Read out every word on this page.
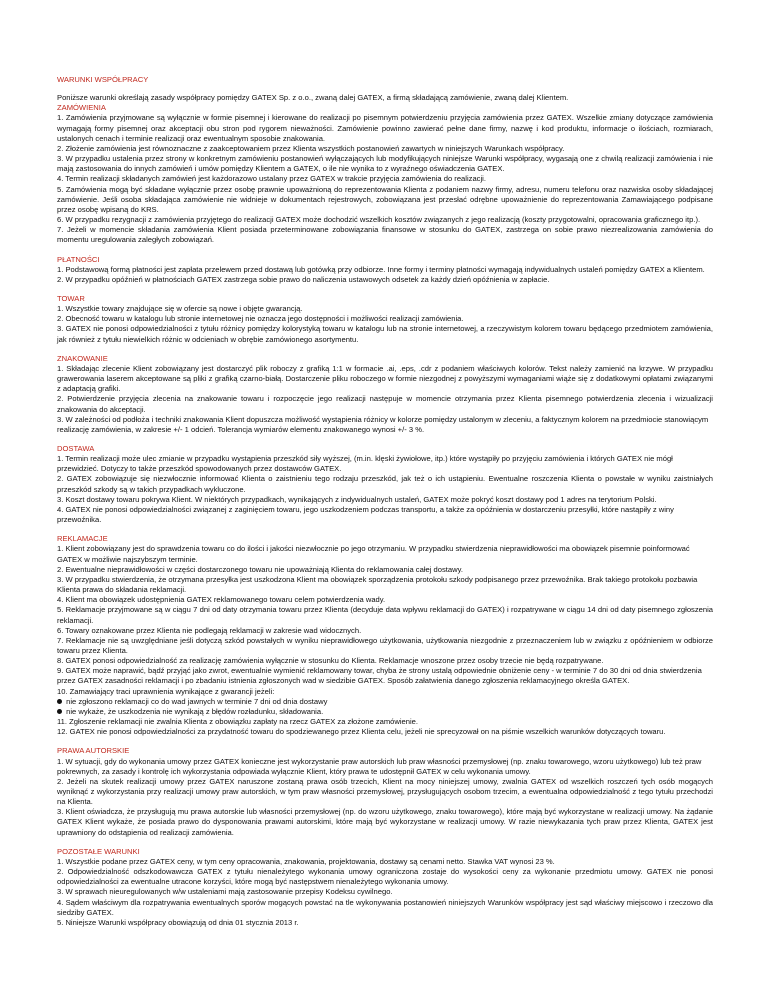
WARUNKI WSPÓŁPRACY

Poniższe warunki określają zasady współpracy pomiędzy GATEX Sp. z o.o., zwaną dalej GATEX, a firmą składającą zamówienie, zwaną dalej Klientem.

ZAMÓWIENIA

1. Zamówienia przyjmowane są wyłącznie w formie pisemnej i kierowane do realizacji po pisemnym potwierdzeniu przyjęcia zamówienia przez GATEX. Wszelkie zmiany dotyczące zamówienia wymagają formy pisemnej oraz akceptacji obu stron pod rygorem nieważności. Zamówienie powinno zawierać pełne dane firmy, nazwę i kod produktu, informacje o ilościach, rozmiarach, ustalonych cenach i terminie realizacji oraz ewentualnym sposobie znakowania.

2. Złożenie zamówienia jest równoznaczne z zaakceptowaniem przez Klienta wszystkich postanowień zawartych w niniejszych Warunkach współpracy.

3. W przypadku ustalenia przez strony w konkretnym zamówieniu postanowień wyłączających lub modyfikujących niniejsze Warunki współpracy, wygasają one z chwilą realizacji zamówienia i nie mają zastosowania do innych zamówień i umów pomiędzy Klientem a GATEX, o ile nie wynika to z wyraźnego oświadczenia GATEX.

4. Termin realizacji składanych zamówień jest każdorazowo ustalany przez GATEX w trakcie przyjęcia zamówienia do realizacji.

5. Zamówienia mogą być składane wyłącznie przez osobę prawnie upoważnioną do reprezentowania Klienta z podaniem nazwy firmy, adresu, numeru telefonu oraz nazwiska osoby składającej zamówienie. Jeśli osoba składająca zamówienie nie widnieje w dokumentach rejestrowych, zobowiązana jest przesłać odrębne upoważnienie do reprezentowania Zamawiającego podpisane przez osobę wpisaną do KRS.

6. W przypadku rezygnacji z zamówienia przyjętego do realizacji GATEX może dochodzić wszelkich kosztów związanych z jego realizacją (koszty przygotowalni, opracowania graficznego itp.).

7. Jeżeli w momencie składania zamówienia Klient posiada przeterminowane zobowiązania finansowe w stosunku do GATEX, zastrzega on sobie prawo niezrealizowania zamówienia do momentu uregulowania zaległych zobowiązań.

PŁATNOŚCI

1. Podstawową formą płatności jest zapłata przelewem przed dostawą lub gotówką przy odbiorze. Inne formy i terminy płatności wymagają indywidualnych ustaleń pomiędzy GATEX a Klientem.

2. W przypadku opóźnień w płatnościach GATEX zastrzega sobie prawo do naliczenia ustawowych odsetek za każdy dzień opóźnienia w zapłacie.

TOWAR

1. Wszystkie towary znajdujące się w ofercie są nowe i objęte gwarancją.

2. Obecność towaru w katalogu lub stronie internetowej nie oznacza jego dostępności i możliwości realizacji zamówienia.

3. GATEX nie ponosi odpowiedzialności z tytułu różnicy pomiędzy kolorystyką towaru w katalogu lub na stronie internetowej, a rzeczywistym kolorem towaru będącego przedmiotem zamówienia, jak również z tytułu niewielkich różnic w odcieniach w obrębie zamówionego asortymentu.

ZNAKOWANIE

1. Składając zlecenie Klient zobowiązany jest dostarczyć plik roboczy z grafiką 1:1 w formacie .ai, .eps, .cdr z podaniem właściwych kolorów. Tekst należy zamienić na krzywe. W przypadku grawerowania laserem akceptowane są pliki z grafiką czarno-białą. Dostarczenie pliku roboczego w formie niezgodnej z powyższymi wymaganiami wiąże się z dodatkowymi opłatami związanymi z adaptacją grafiki.

2. Potwierdzenie przyjęcia zlecenia na znakowanie towaru i rozpoczęcie jego realizacji następuje w momencie otrzymania przez Klienta pisemnego potwierdzenia zlecenia i wizualizacji znakowania do akceptacji.

3. W zależności od podłoża i techniki znakowania Klient dopuszcza możliwość wystąpienia różnicy w kolorze pomiędzy ustalonym w zleceniu, a faktycznym kolorem na przedmiocie stanowiącym realizację zamówienia, w zakresie +/- 1 odcień. Tolerancja wymiarów elementu znakowanego wynosi +/- 3 %.

DOSTAWA

1. Termin realizacji może ulec zmianie w przypadku wystąpienia przeszkód siły wyższej, (m.in. klęski żywiołowe, itp.) które wystąpiły po przyjęciu zamówienia i których GATEX nie mógł przewidzieć. Dotyczy to także przeszkód spowodowanych przez dostawców GATEX.

2. GATEX zobowiązuje się niezwłocznie informować Klienta o zaistnieniu tego rodzaju przeszkód, jak też o ich ustąpieniu. Ewentualne roszczenia Klienta o powstałe w wyniku zaistniałych przeszkód szkody są w takich przypadkach wykluczone.

3. Koszt dostawy towaru pokrywa Klient. W niektórych przypadkach, wynikających z indywidualnych ustaleń, GATEX może pokryć koszt dostawy pod 1 adres na terytorium Polski.

4. GATEX nie ponosi odpowiedzialności związanej z zaginięciem towaru, jego uszkodzeniem podczas transportu, a także za opóźnienia w dostarczeniu przesyłki, które nastąpiły z winy przewoźnika.

REKLAMACJE

1. Klient zobowiązany jest do sprawdzenia towaru co do ilości i jakości niezwłocznie po jego otrzymaniu. W przypadku stwierdzenia nieprawidłowości ma obowiązek pisemnie poinformować GATEX w możliwie najszybszym terminie.

2. Ewentualne nieprawidłowości w części dostarczonego towaru nie upoważniają Klienta do reklamowania całej dostawy.

3. W przypadku stwierdzenia, że otrzymana przesyłka jest uszkodzona Klient ma obowiązek sporządzenia protokołu szkody podpisanego przez przewoźnika. Brak takiego protokołu pozbawia Klienta prawa do składania reklamacji.

4. Klient ma obowiązek udostępnienia GATEX reklamowanego towaru celem potwierdzenia wady.

5. Reklamacje przyjmowane są w ciągu 7 dni od daty otrzymania towaru przez Klienta (decyduje data wpływu reklamacji do GATEX) i rozpatrywane w ciągu 14 dni od daty pisemnego zgłoszenia reklamacji.

6. Towary oznakowane przez Klienta nie podlegają reklamacji w zakresie wad widocznych.

7. Reklamacje nie są uwzględniane jeśli dotyczą szkód powstałych w wyniku nieprawidłowego użytkowania, użytkowania niezgodnie z przeznaczeniem lub w związku z opóźnieniem w odbiorze towaru przez Klienta.

8. GATEX ponosi odpowiedzialność za realizację zamówienia wyłącznie w stosunku do Klienta. Reklamacje wnoszone przez osoby trzecie nie będą rozpatrywane.

9. GATEX może naprawić, bądź przyjąć jako zwrot, ewentualnie wymienić reklamowany towar, chyba że strony ustalą odpowiednie obniżenie ceny - w terminie 7 do 30 dni od dnia stwierdzenia przez GATEX zasadności reklamacji i po zbadaniu istnienia zgłoszonych wad w siedzibie GATEX. Sposób załatwienia danego zgłoszenia reklamacyjnego określa GATEX.

10. Zamawiający traci uprawnienia wynikające z gwarancji jeżeli:

nie zgłoszono reklamacji co do wad jawnych w terminie 7 dni od dnia dostawy

nie wykaże, że uszkodzenia nie wynikają z błędów rozładunku, składowania.

11. Zgłoszenie reklamacji nie zwalnia Klienta z obowiązku zapłaty na rzecz GATEX za złożone zamówienie.

12. GATEX nie ponosi odpowiedzialności za przydatność towaru do spodziewanego przez Klienta celu, jeżeli nie sprecyzował on na piśmie wszelkich warunków dotyczących towaru.

PRAWA AUTORSKIE

1. W sytuacji, gdy do wykonania umowy przez GATEX konieczne jest wykorzystanie praw autorskich lub praw własności przemysłowej (np. znaku towarowego, wzoru użytkowego) lub też praw pokrewnych, za zasady i kontrolę ich wykorzystania odpowiada wyłącznie Klient, który prawa te udostępnił GATEX w celu wykonania umowy.

2. Jeżeli na skutek realizacji umowy przez GATEX naruszone zostaną prawa osób trzecich, Klient na mocy niniejszej umowy, zwalnia GATEX od wszelkich roszczeń tych osób mogących wyniknąć z wykorzystania przy realizacji umowy praw autorskich, w tym praw własności przemysłowej, przysługujących osobom trzecim, a ewentualna odpowiedzialność z tego tytułu przechodzi na Klienta.

3. Klient oświadcza, że przysługują mu prawa autorskie lub własności przemysłowej (np. do wzoru użytkowego, znaku towarowego), które mają być wykorzystane w realizacji umowy. Na żądanie GATEX Klient wykaże, że posiada prawo do dysponowania prawami autorskimi, które mają być wykorzystane w realizacji umowy. W razie niewykazania tych praw przez Klienta, GATEX jest uprawniony do odstąpienia od realizacji zamówienia.

POZOSTAŁE WARUNKI

1. Wszystkie podane przez GATEX ceny, w tym ceny opracowania, znakowania, projektowania, dostawy są cenami netto. Stawka VAT wynosi 23 %.

2. Odpowiedzialność odszkodowawcza GATEX z tytułu nienależytego wykonania umowy ograniczona zostaje do wysokości ceny za wykonanie przedmiotu umowy. GATEX nie ponosi odpowiedzialności za ewentualne utracone korzyści, które mogą być następstwem nienależytego wykonania umowy.

3. W sprawach nieuregulowanych w/w ustaleniami mają zastosowanie przepisy Kodeksu cywilnego.

4. Sądem właściwym dla rozpatrywania ewentualnych sporów mogących powstać na tle wykonywania postanowień niniejszych Warunków współpracy jest sąd właściwy miejscowo i rzeczowo dla siedziby GATEX.

5. Niniejsze Warunki współpracy obowiązują od dnia 01 stycznia 2013 r.
